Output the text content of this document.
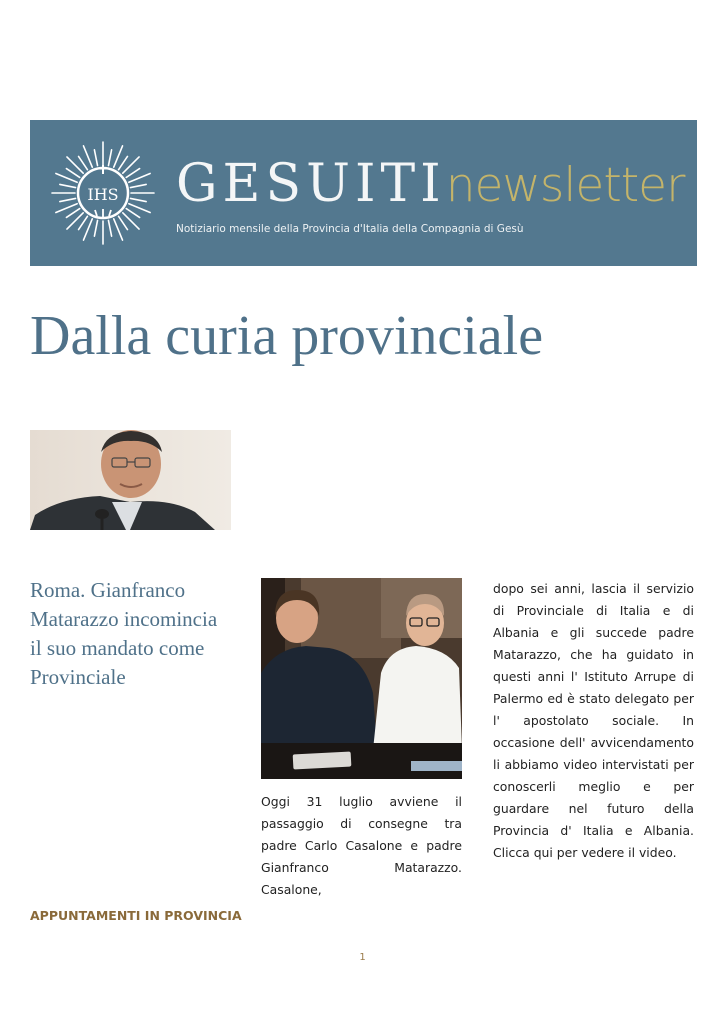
IHS GESUITInewsletter
Notiziario mensile della Provincia d'Italia della Compagnia di Gesù
Dalla curia provinciale
Roma. Gianfranco Matarazzo incomincia il suo mandato come Provinciale

Oggi 31 luglio avviene il passaggio di consegne tra padre Carlo Casalone e padre Gianfranco Matarazzo. Casalone,

dopo sei anni, lascia il servizio di Provinciale di Italia e di Albania e gli succede padre Matarazzo, che ha guidato in questi anni l' Istituto Arrupe di Palermo ed è stato delegato per l' apostolato sociale. In occasione dell' avvicendamento li abbiamo video intervistati per conoscerli meglio e per guardare nel futuro della Provincia d' Italia e Albania. Clicca qui per vedere il video.

APPUNTAMENTI IN PROVINCIA
1
